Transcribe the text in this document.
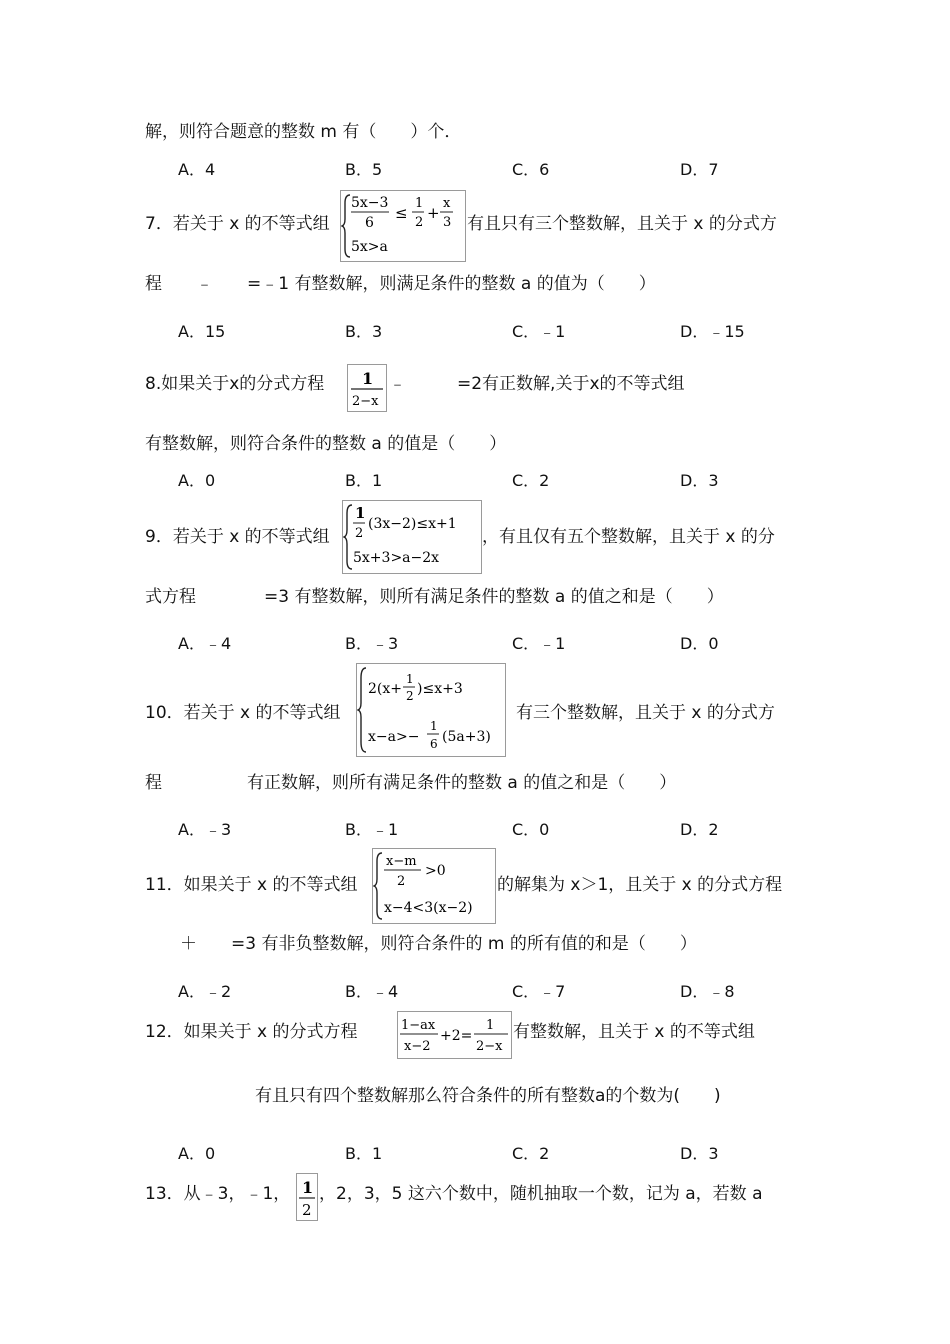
解，则符合题意的整数 m 有（　　）个．
A．4	B．5	C．6	D．7
7．若关于 x 的不等式组
5x−3
6
≤
1
2
+
x
3
5x>a
有且只有三个整数解，且关于 x 的分式方
程　　﹣　　=﹣1 有整数解，则满足条件的整数 a 的值为（　　）
A．15	B．3	C．﹣1	D．﹣15
8.如果关于x的分式方程 1
2−x
﹣　　　=2有正数解,关于x的不等式组
有整数解，则符合条件的整数 a 的值是（　　）
A．0	B．1	C．2	D．3
9．若关于 x 的不等式组
1
2
(3x−2)≤x+1
5x+3>a−2x
，有且仅有五个整数解，且关于 x 的分
式方程　　　　=3 有整数解，则所有满足条件的整数 a 的值之和是（　　）
A．﹣4	B．﹣3	C．﹣1	D．0
10．若关于 x 的不等式组
2(x+
1
2 )≤x+3
x−a>−
1
6 (5a+3)
有三个整数解，且关于 x 的分式方
程　　　　　有正数解，则所有满足条件的整数 a 的值之和是（　　）
A．﹣3	B．﹣1	C．0	D．2
11．如果关于 x 的不等式组
x−m
2
>0
x−4<3(x−2)
的解集为 x＞1，且关于 x 的分式方程
＋　　=3 有非负整数解，则符合条件的 m 的所有值的和是（　　）
A．﹣2	B．﹣4	C．﹣7	D．﹣8
12．如果关于 x 的分式方程	1−ax
x−2
+2=
1
2−x
有整数解，且关于 x 的不等式组
有且只有四个整数解那么符合条件的所有整数a的个数为(　　)
A．0	B．1	C．2	D．3
13．从﹣3，﹣1， 1
2
，2，3，5 这六个数中，随机抽取一个数，记为 a，若数 a
